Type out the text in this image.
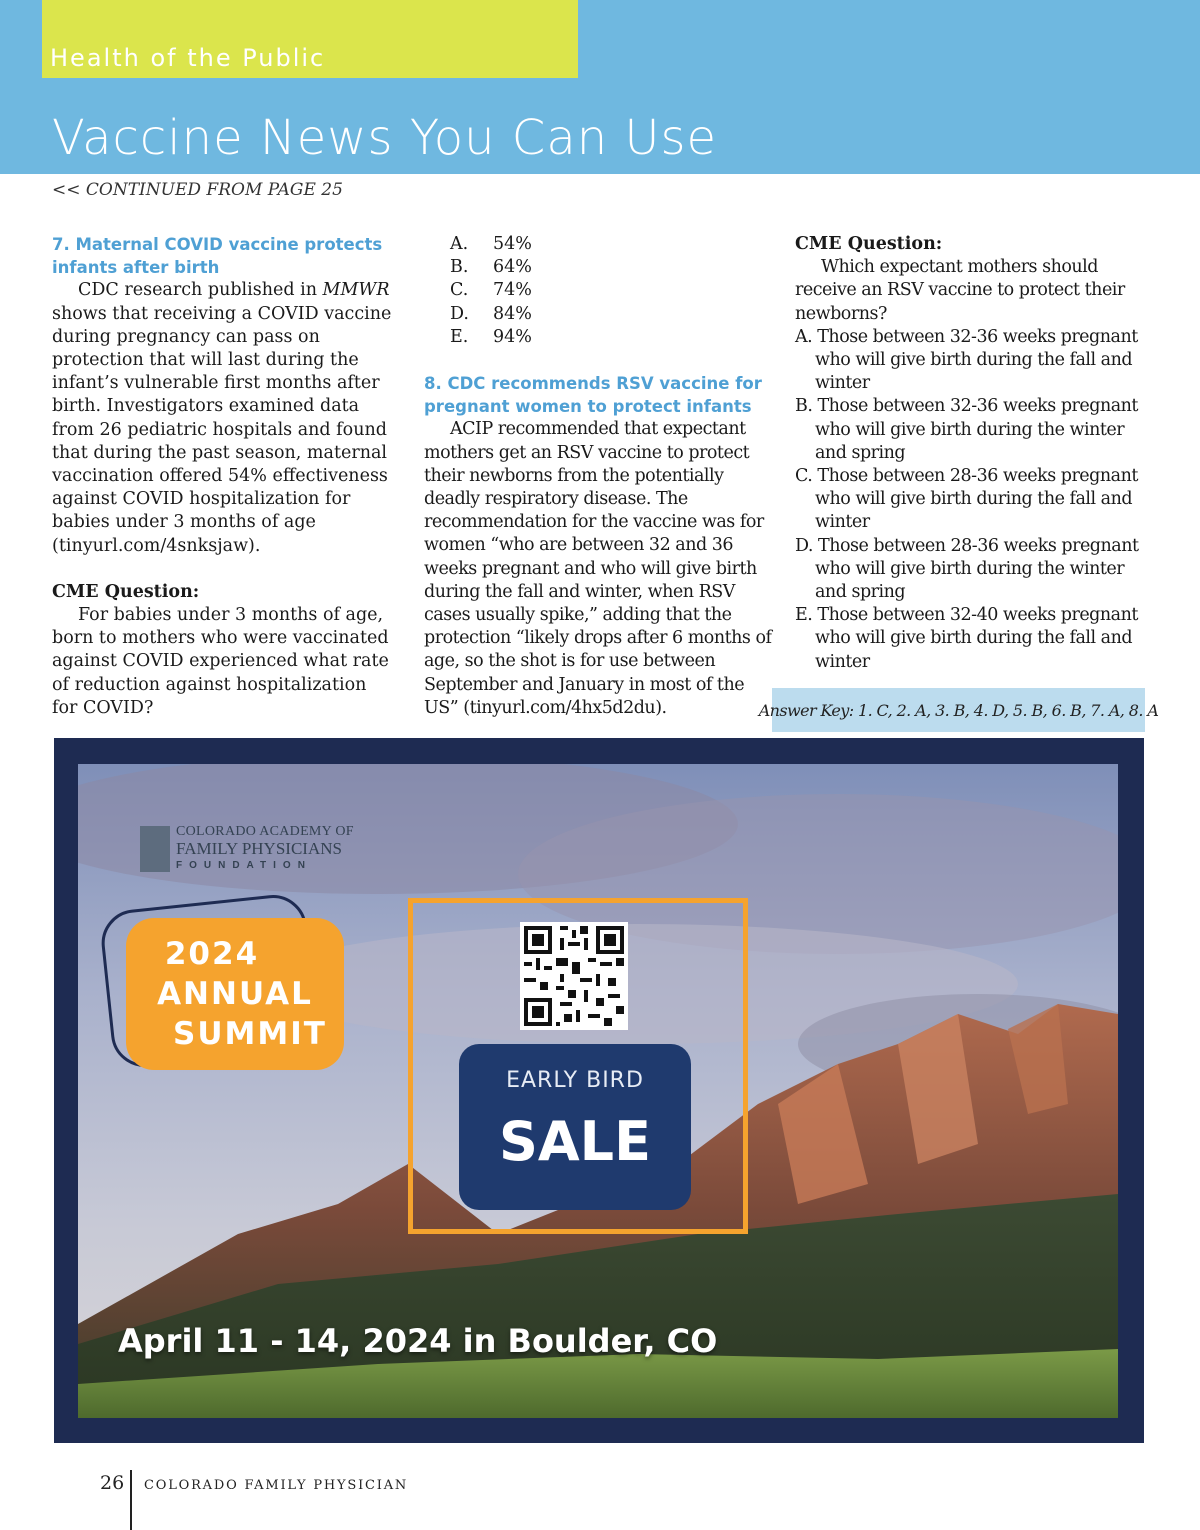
Health of the Public
Vaccine News You Can Use
<< CONTINUED FROM PAGE 25

7. Maternal COVID vaccine protects infants after birth

CDC research published in MMWR shows that receiving a COVID vaccine during pregnancy can pass on protection that will last during the infant’s vulnerable first months after birth. Investigators examined data from 26 pediatric hospitals and found that during the past season, maternal vaccination offered 54% effectiveness against COVID hospitalization for babies under 3 months of age (tinyurl.com/4snksjaw).

CME Question:

For babies under 3 months of age, born to mothers who were vaccinated against COVID experienced what rate of reduction against hospitalization for COVID?

A.	54%
B.	64%
C.	74%
D.	84%
E.	94%

8. CDC recommends RSV vaccine for pregnant women to protect infants

ACIP recommended that expectant mothers get an RSV vaccine to protect their newborns from the potentially deadly respiratory disease. The recommendation for the vaccine was for women “who are between 32 and 36 weeks pregnant and who will give birth during the fall and winter, when RSV cases usually spike,” adding that the protection “likely drops after 6 months of age, so the shot is for use between September and January in most of the US” (tinyurl.com/4hx5d2du).

CME Question:

Which expectant mothers should receive an RSV vaccine to protect their newborns?

A. Those between 32-36 weeks pregnant who will give birth during the fall and winter

B. Those between 32-36 weeks pregnant who will give birth during the winter and spring

C. Those between 28-36 weeks pregnant who will give birth during the fall and winter

D. Those between 28-36 weeks pregnant who will give birth during the winter and spring

E. Those between 32-40 weeks pregnant who will give birth during the fall and winter

Answer Key: 1. C, 2. A, 3. B, 4. D, 5. B, 6. B, 7. A, 8. A
COLORADO ACADEMY OF
FAMILY PHYSICIANS
FOUNDATION
2024
ANNUAL
SUMMIT
EARLY BIRD
SALE
April 11 - 14, 2024 in Boulder, CO
26 COLORADO FAMILY PHYSICIAN
